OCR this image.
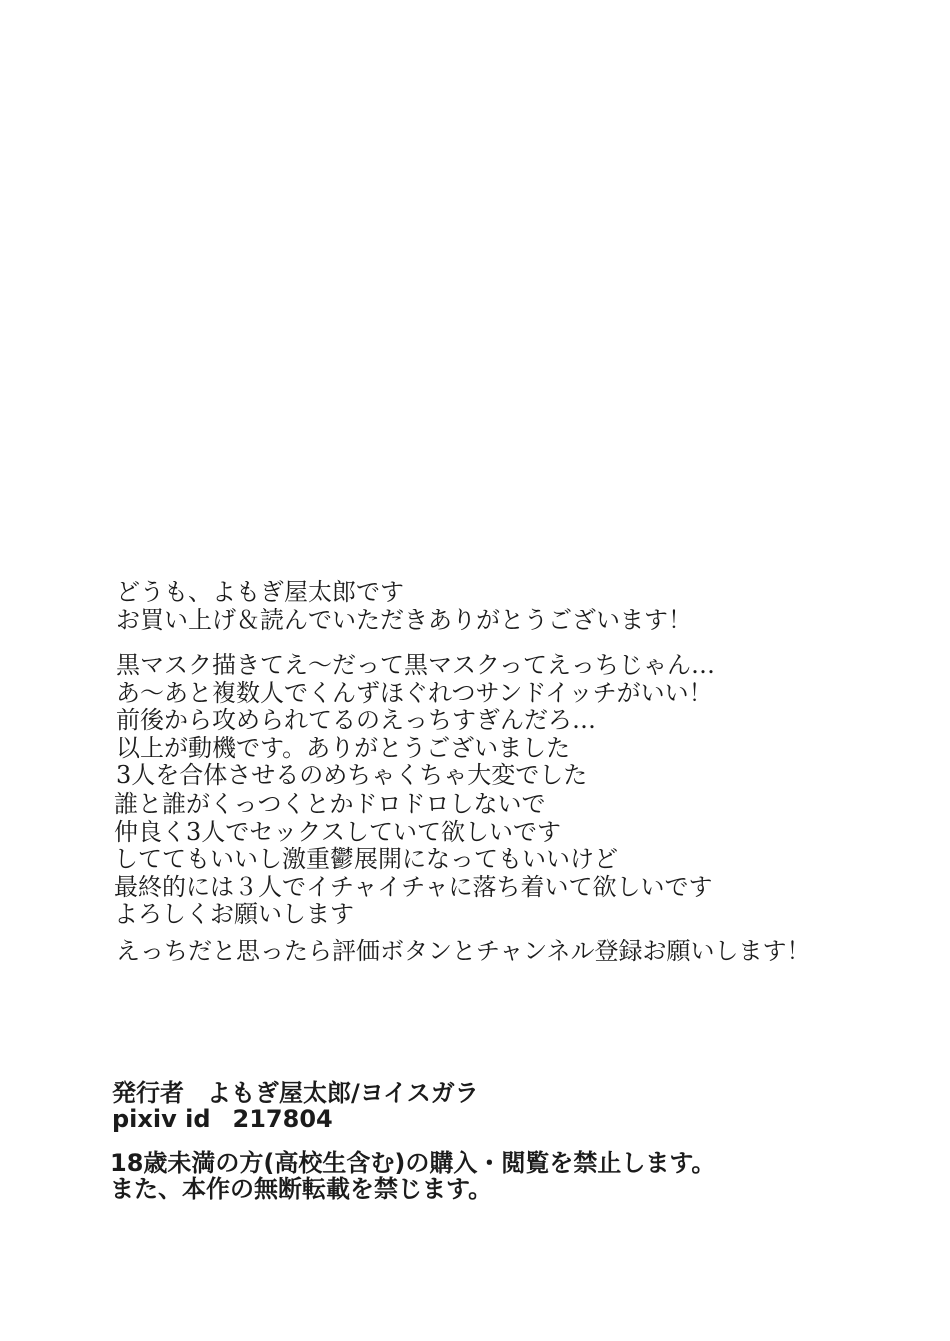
どうも、よもぎ屋太郎です
お買い上げ＆読んでいただきありがとうございます！
黒マスク描きてえ〜だって黒マスクってえっちじゃん…
あ〜あと複数人でくんずほぐれつサンドイッチがいい！
前後から攻められてるのえっちすぎんだろ…
以上が動機です。ありがとうございました
3人を合体させるのめちゃくちゃ大変でした
誰と誰がくっつくとかドロドロしないで
仲良く3人でセックスしていて欲しいです
しててもいいし激重鬱展開になってもいいけど
最終的には３人でイチャイチャに落ち着いて欲しいです
よろしくお願いします
えっちだと思ったら評価ボタンとチャンネル登録お願いします！
発行者 よもぎ屋太郎/ヨイスガラ
pixiv id 217804
18歳未満の方(高校生含む)の購入・閲覧を禁止します。
また、本作の無断転載を禁じます。
